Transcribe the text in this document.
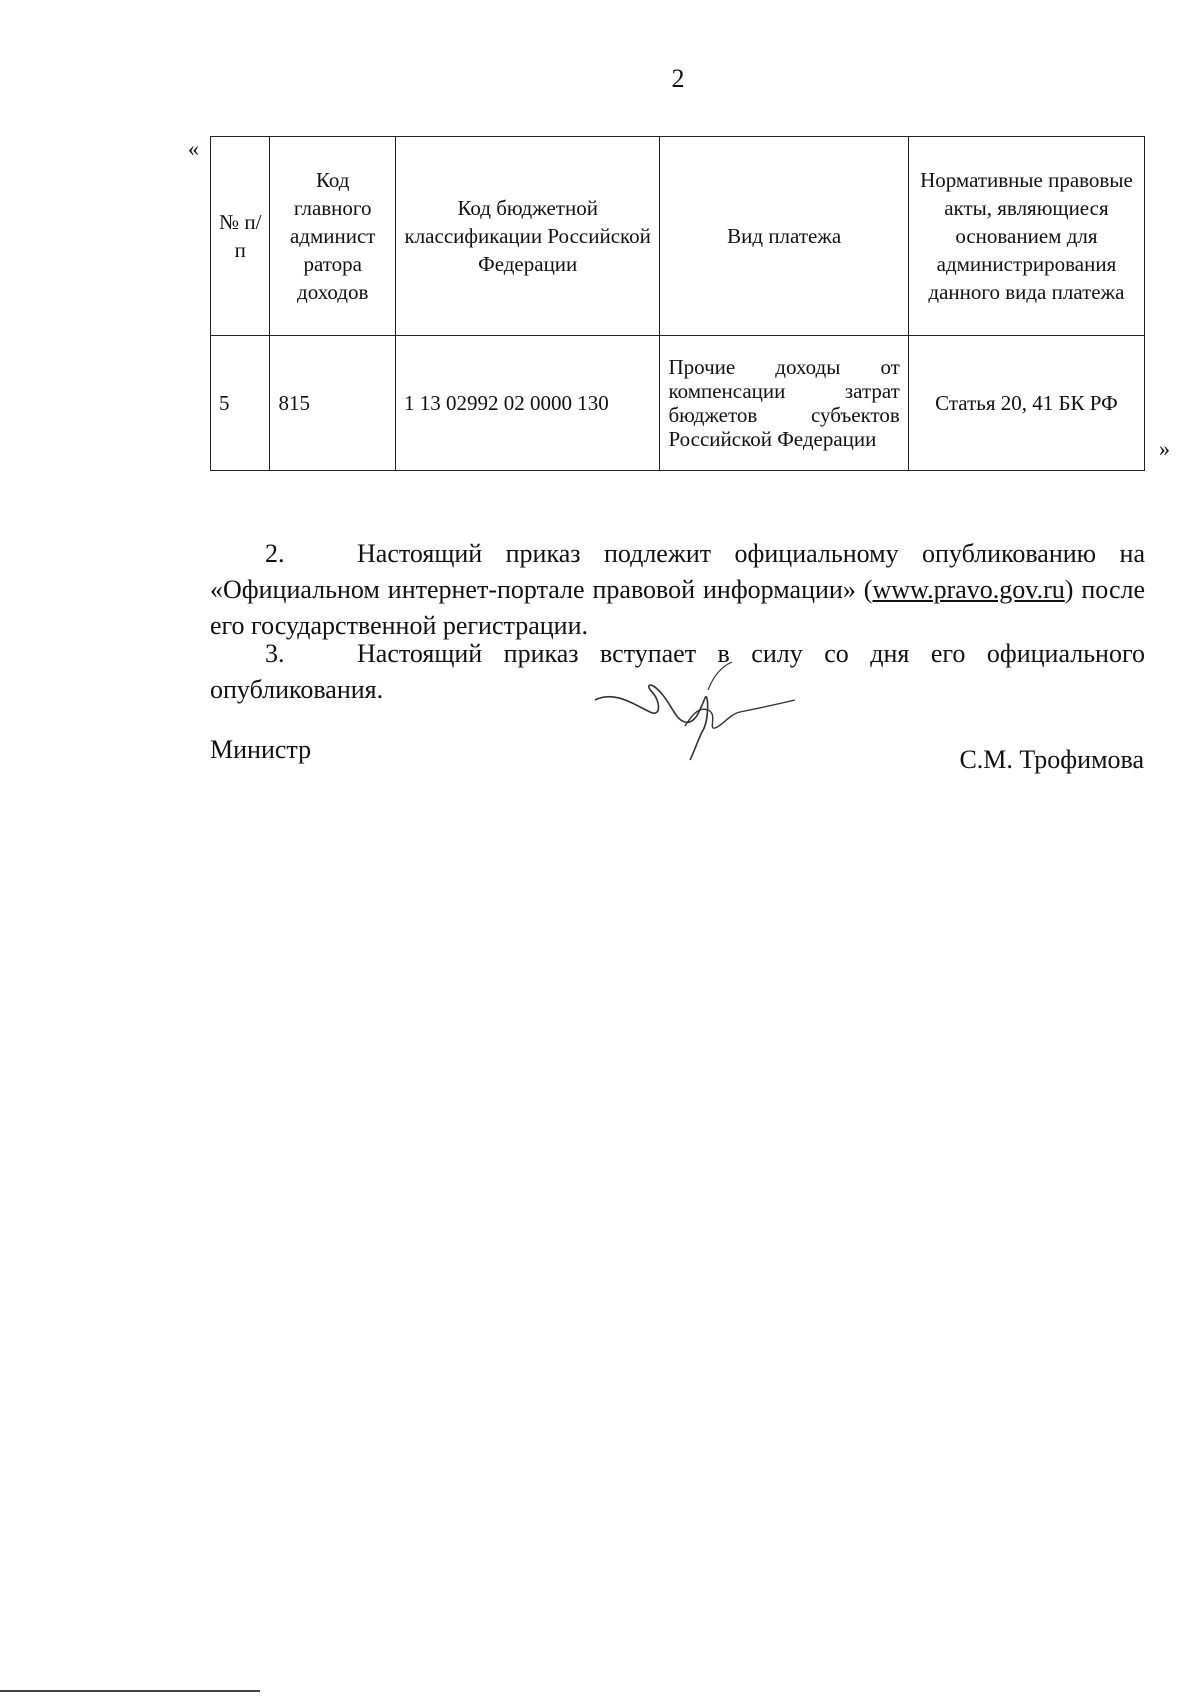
2
«
№ п/п	Код главного админист ратора доходов	Код бюджетной классификации Российской Федерации	Вид платежа	Нормативные правовые акты, являющиеся основанием для администрирования данного вида платежа
5	815	1 13 02992 02 0000 130	Прочие доходы от компенсации затрат бюджетов субъектов Российской Федерации	Статья 20, 41 БК РФ
»

2.	Настоящий приказ подлежит официальному опубликованию на «Официальном интернет-портале правовой информации» (www.pravo.gov.ru) после его государственной регистрации.

3.	Настоящий приказ вступает в силу со дня его официального опубликования.

Министр	С.М. Трофимова
